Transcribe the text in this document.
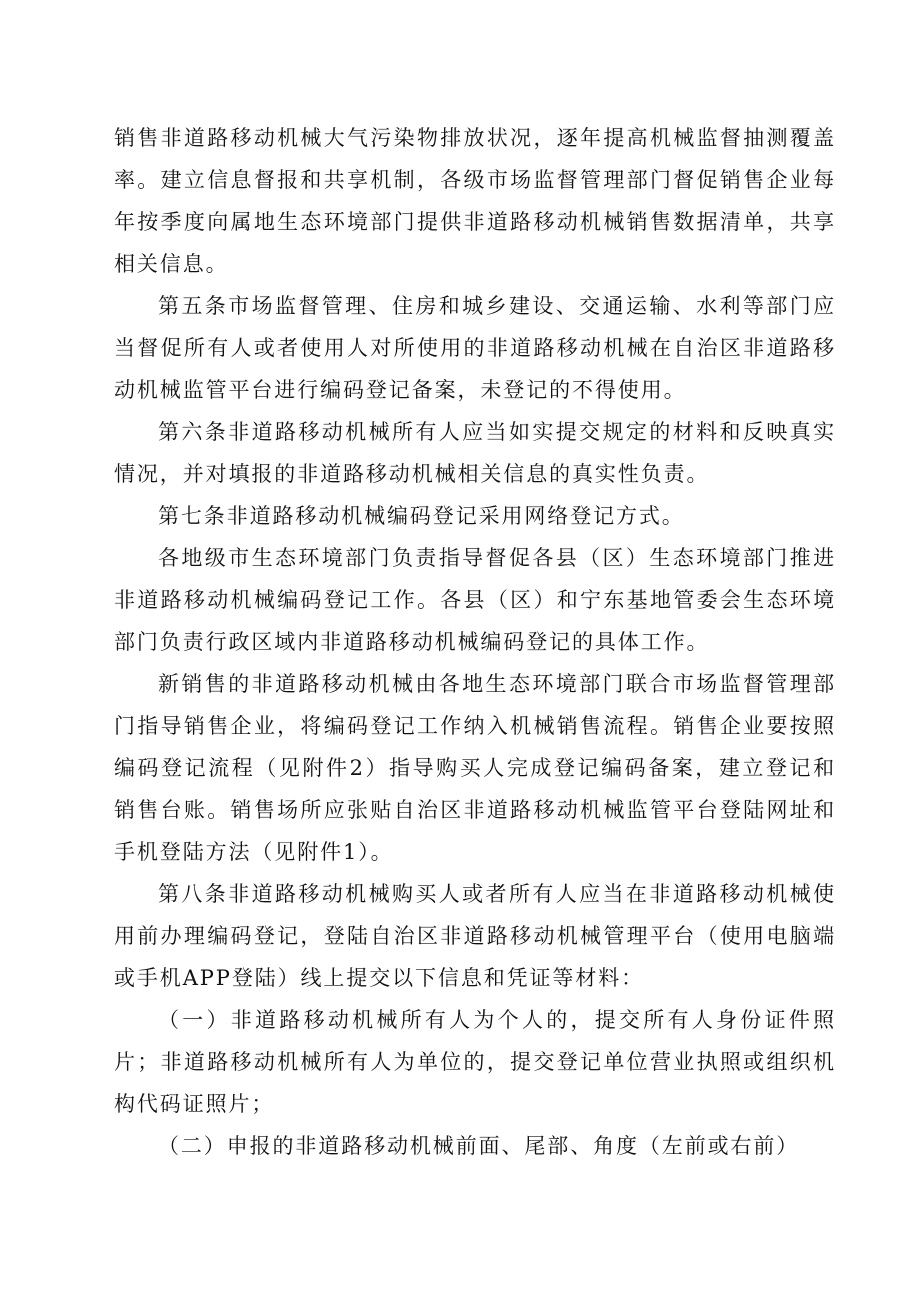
销售非道路移动机械大气污染物排放状况，逐年提高机械监督抽测覆盖率。建立信息督报和共享机制，各级市场监督管理部门督促销售企业每年按季度向属地生态环境部门提供非道路移动机械销售数据清单，共享相关信息。

第五条市场监督管理、住房和城乡建设、交通运输、水利等部门应当督促所有人或者使用人对所使用的非道路移动机械在自治区非道路移动机械监管平台进行编码登记备案，未登记的不得使用。

第六条非道路移动机械所有人应当如实提交规定的材料和反映真实情况，并对填报的非道路移动机械相关信息的真实性负责。

第七条非道路移动机械编码登记采用网络登记方式。

各地级市生态环境部门负责指导督促各县（区）生态环境部门推进非道路移动机械编码登记工作。各县（区）和宁东基地管委会生态环境部门负责行政区域内非道路移动机械编码登记的具体工作。

新销售的非道路移动机械由各地生态环境部门联合市场监督管理部门指导销售企业，将编码登记工作纳入机械销售流程。销售企业要按照编码登记流程（见附件2）指导购买人完成登记编码备案，建立登记和销售台账。销售场所应张贴自治区非道路移动机械监管平台登陆网址和手机登陆方法（见附件1）。

第八条非道路移动机械购买人或者所有人应当在非道路移动机械使用前办理编码登记，登陆自治区非道路移动机械管理平台（使用电脑端或手机APP登陆）线上提交以下信息和凭证等材料：

（一）非道路移动机械所有人为个人的，提交所有人身份证件照片；非道路移动机械所有人为单位的，提交登记单位营业执照或组织机构代码证照片；

（二）申报的非道路移动机械前面、尾部、角度（左前或右前）
